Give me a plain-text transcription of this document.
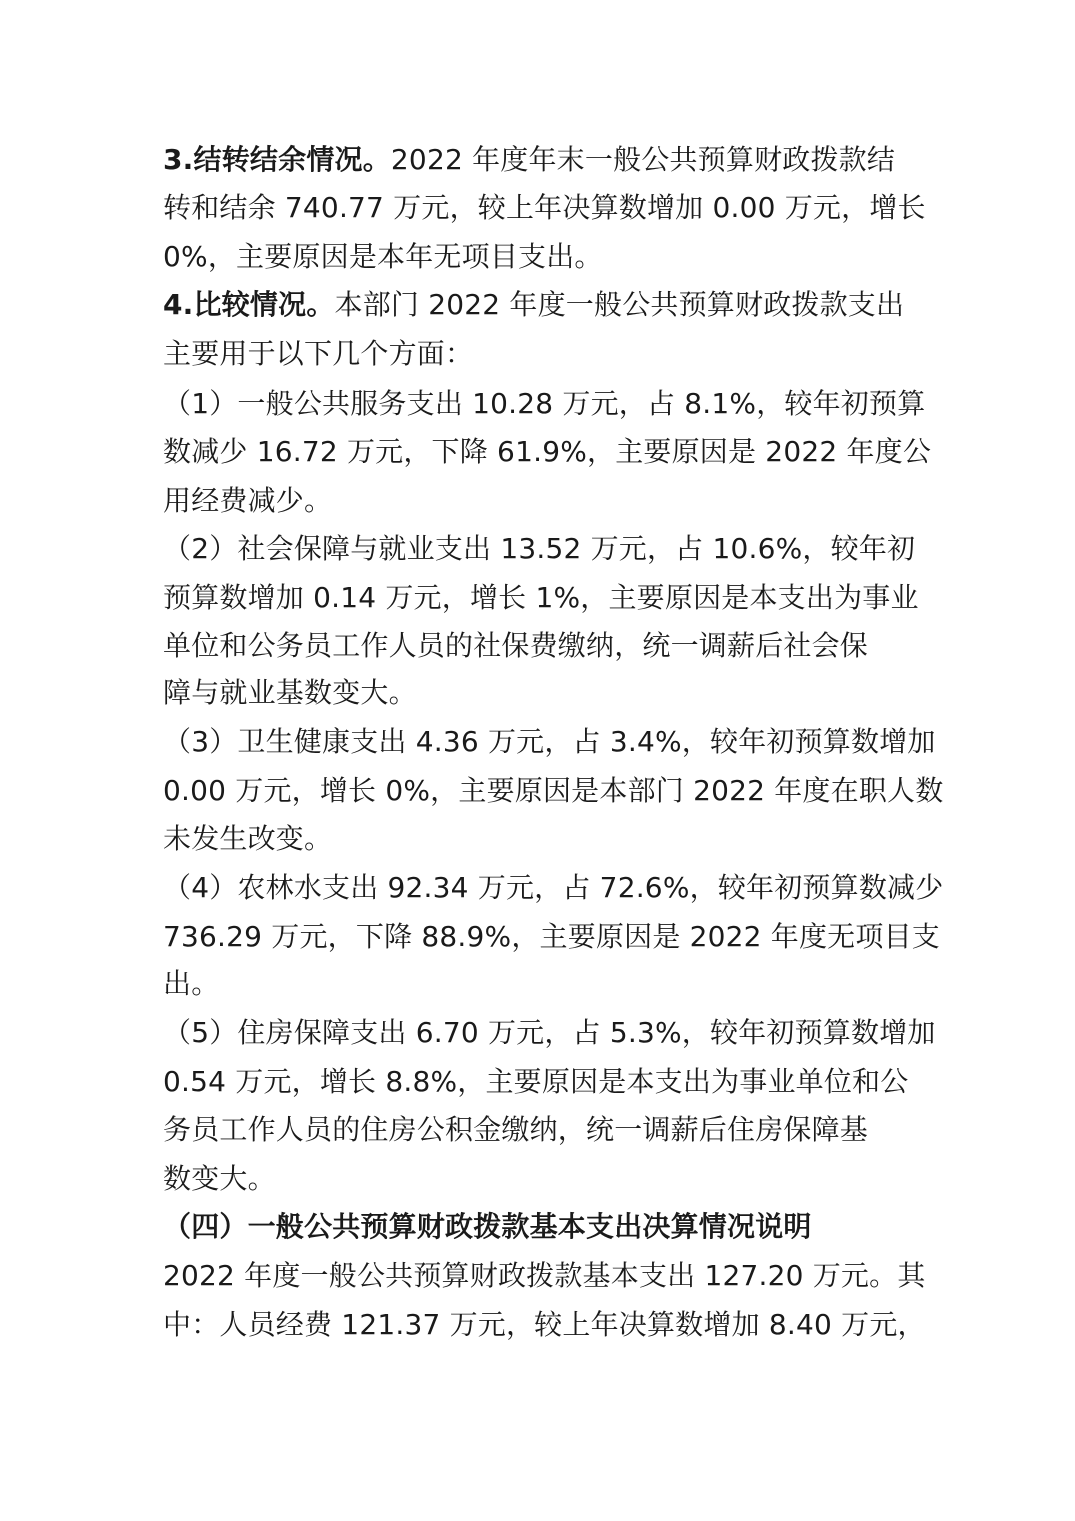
3.结转结余情况。2022 年度年末一般公共预算财政拨款结
转和结余 740.77 万元，较上年决算数增加 0.00 万元，增长
0%，主要原因是本年无项目支出。
4.比较情况。本部门 2022 年度一般公共预算财政拨款支出
主要用于以下几个方面：
（1）一般公共服务支出 10.28 万元，占 8.1%，较年初预算
数减少 16.72 万元，下降 61.9%，主要原因是 2022 年度公
用经费减少。
（2）社会保障与就业支出 13.52 万元，占 10.6%，较年初
预算数增加 0.14 万元，增长 1%，主要原因是本支出为事业
单位和公务员工作人员的社保费缴纳，统一调薪后社会保
障与就业基数变大。
（3）卫生健康支出 4.36 万元，占 3.4%，较年初预算数增加
0.00 万元，增长 0%，主要原因是本部门 2022 年度在职人数
未发生改变。
（4）农林水支出 92.34 万元，占 72.6%，较年初预算数减少
736.29 万元，下降 88.9%，主要原因是 2022 年度无项目支
出。
（5）住房保障支出 6.70 万元，占 5.3%，较年初预算数增加
0.54 万元，增长 8.8%，主要原因是本支出为事业单位和公
务员工作人员的住房公积金缴纳，统一调薪后住房保障基
数变大。
（四）一般公共预算财政拨款基本支出决算情况说明
2022 年度一般公共预算财政拨款基本支出 127.20 万元。其
中：人员经费 121.37 万元，较上年决算数增加 8.40 万元，
